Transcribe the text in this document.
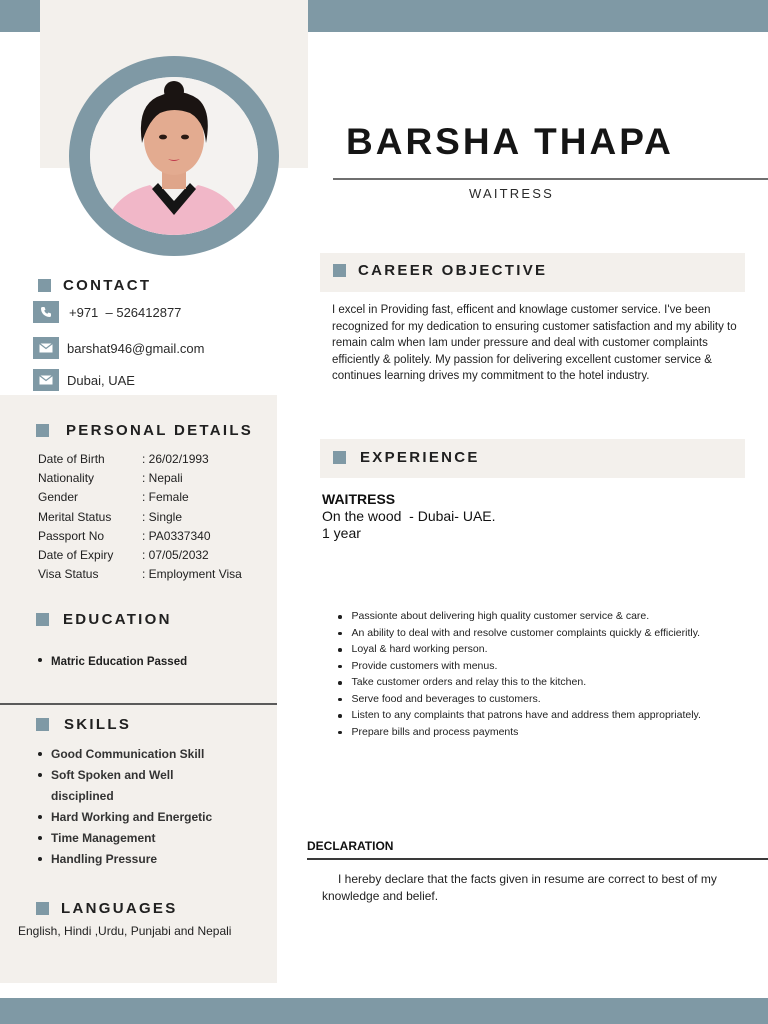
BARSHA THAPA
WAITRESS
CONTACT
+971  – 526412877
barshat946@gmail.com
Dubai, UAE
PERSONAL DETAILS
Date of Birth	: 26/02/1993
Nationality	: Nepali
Gender	: Female
Merital Status	: Single
Passport No	: PA0337340
Date of Expiry	: 07/05/2032
Visa Status	: Employment Visa
EDUCATION
Matric Education Passed
SKILLS
Good Communication Skill
Soft Spoken and Well disciplined
Hard Working and Energetic
Time Management
Handling Pressure
LANGUAGES
English, Hindi ,Urdu, Punjabi and Nepali
CAREER OBJECTIVE
I excel in Providing fast, efficent and knowlage customer service. I've been recognized for my dedication to ensuring customer satisfaction and my ability to remain calm when Iam under pressure and deal with customer complaints efficiently & politely. My passion for delivering excellent customer service & continues learning drives my commitment to the hotel industry.
EXPERIENCE
WAITRESS
On the wood  - Dubai- UAE.
1 year
Passionte about delivering high quality customer service & care.
An ability to deal with and resolve customer complaints quickly & efficieritly.
Loyal & hard working person.
Provide customers with menus.
Take customer orders and relay this to the kitchen.
Serve food and beverages to customers.
Listen to any complaints that patrons have and address them appropriately.
Prepare bills and process payments
DECLARATION
I hereby declare that the facts given in resume are correct to best of my knowledge and belief.
